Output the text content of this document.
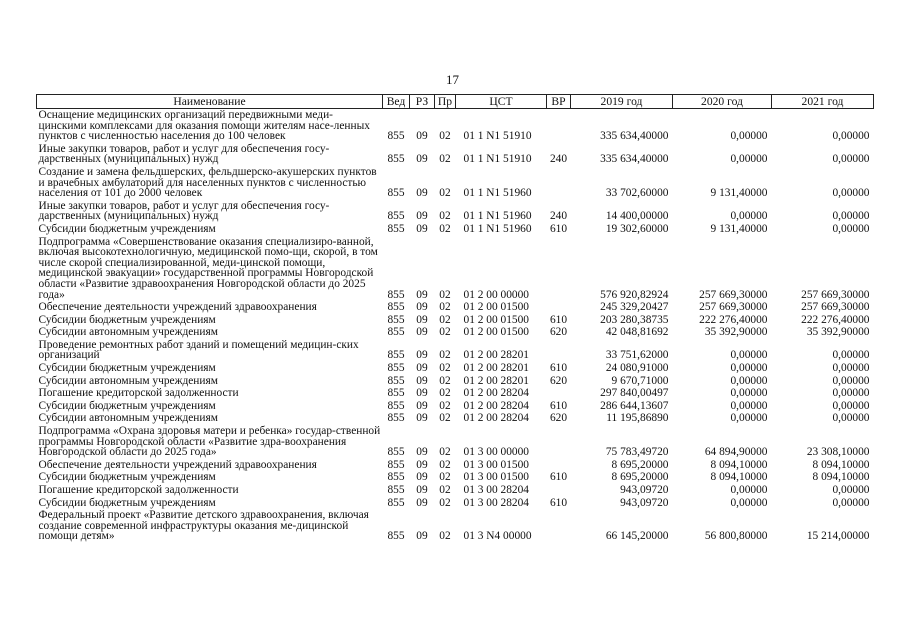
17
Наименование	Вед	РЗ	Пр	ЦСТ	ВР	2019 год	2020 год	2021 год
Оснащение медицинских организаций передвижными меди-цинскими комплексами для оказания помощи жителям насе-ленных пунктов с численностью населения до 100 человек	855	09	02	01 1 N1 51910		335 634,40000	0,00000	0,00000
Иные закупки товаров, работ и услуг для обеспечения госу-дарственных (муниципальных) нужд	855	09	02	01 1 N1 51910	240	335 634,40000	0,00000	0,00000
Создание и замена фельдшерских, фельдшерско-акушерских пунктов и врачебных амбулаторий для населенных пунктов с численностью населения от 101 до 2000 человек	855	09	02	01 1 N1 51960		33 702,60000	9 131,40000	0,00000
Иные закупки товаров, работ и услуг для обеспечения госу-дарственных (муниципальных) нужд	855	09	02	01 1 N1 51960	240	14 400,00000	0,00000	0,00000
Субсидии бюджетным учреждениям	855	09	02	01 1 N1 51960	610	19 302,60000	9 131,40000	0,00000
Подпрограмма «Совершенствование оказания специализиро-ванной, включая высокотехнологичную, медицинской помо-щи, скорой, в том числе скорой специализированной, меди-цинской помощи, медицинской эвакуации» государственной программы Новгородской области «Развитие здравоохранения Новгородской области до 2025 года»	855	09	02	01 2 00 00000		576 920,82924	257 669,30000	257 669,30000
Обеспечение деятельности учреждений здравоохранения	855	09	02	01 2 00 01500		245 329,20427	257 669,30000	257 669,30000
Субсидии бюджетным учреждениям	855	09	02	01 2 00 01500	610	203 280,38735	222 276,40000	222 276,40000
Субсидии автономным учреждениям	855	09	02	01 2 00 01500	620	42 048,81692	35 392,90000	35 392,90000
Проведение ремонтных работ зданий и помещений медицин-ских организаций	855	09	02	01 2 00 28201		33 751,62000	0,00000	0,00000
Субсидии бюджетным учреждениям	855	09	02	01 2 00 28201	610	24 080,91000	0,00000	0,00000
Субсидии автономным учреждениям	855	09	02	01 2 00 28201	620	9 670,71000	0,00000	0,00000
Погашение кредиторской задолженности	855	09	02	01 2 00 28204		297 840,00497	0,00000	0,00000
Субсидии бюджетным учреждениям	855	09	02	01 2 00 28204	610	286 644,13607	0,00000	0,00000
Субсидии автономным учреждениям	855	09	02	01 2 00 28204	620	11 195,86890	0,00000	0,00000
Подпрограмма «Охрана здоровья матери и ребенка» государ-ственной программы Новгородской области «Развитие здра-воохранения Новгородской области до 2025 года»	855	09	02	01 3 00 00000		75 783,49720	64 894,90000	23 308,10000
Обеспечение деятельности учреждений здравоохранения	855	09	02	01 3 00 01500		8 695,20000	8 094,10000	8 094,10000
Субсидии бюджетным учреждениям	855	09	02	01 3 00 01500	610	8 695,20000	8 094,10000	8 094,10000
Погашение кредиторской задолженности	855	09	02	01 3 00 28204		943,09720	0,00000	0,00000
Субсидии бюджетным учреждениям	855	09	02	01 3 00 28204	610	943,09720	0,00000	0,00000
Федеральный проект «Развитие детского здравоохранения, включая создание современной инфраструктуры оказания ме-дицинской помощи детям»	855	09	02	01 3 N4 00000		66 145,20000	56 800,80000	15 214,00000
